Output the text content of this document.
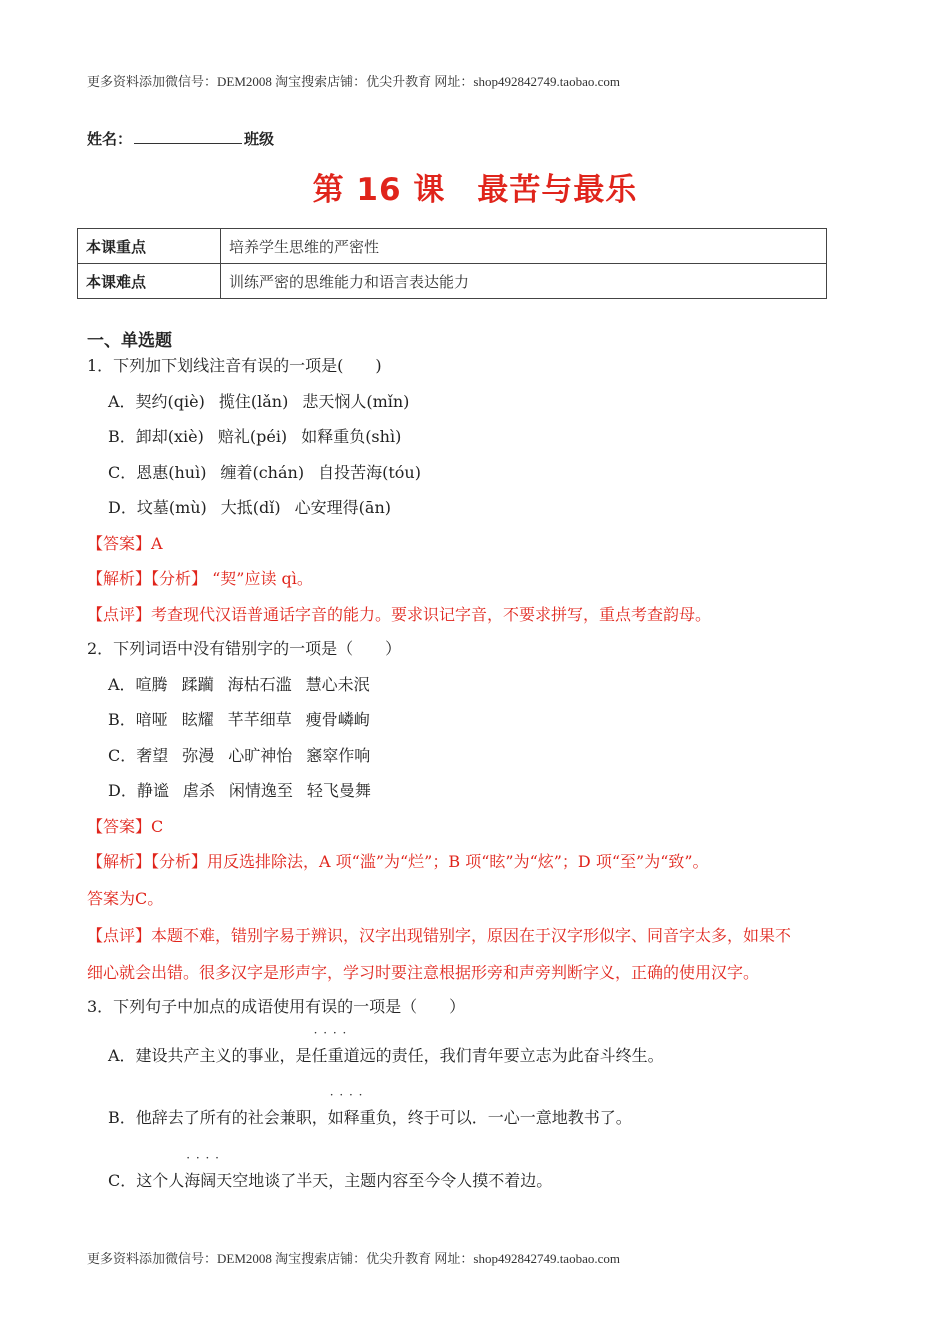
更多资料添加微信号：DEM2008 淘宝搜索店铺：优尖升教育 网址：shop492842749.taobao.com
姓名：	班级
第 16 课　最苦与最乐
本课重点	培养学生思维的严密性
本课难点	训练严密的思维能力和语言表达能力
一、单选题
1．下列加下划线注音有误的一项是(　　)
A．契约(qiè) 揽住(lǎn) 悲天悯人(mǐn)
B．卸却(xiè) 赔礼(péi) 如释重负(shì)
C．恩惠(huì) 缠着(chán) 自投苦海(tóu)
D．坟墓(mù) 大抵(dǐ) 心安理得(ān)
【答案】A
【解析】【分析】 “契”应读 qì。
【点评】考查现代汉语普通话字音的能力。要求识记字音，不要求拼写，重点考查韵母。
2．下列词语中没有错别字的一项是（　　）
A．喧腾 蹂躏 海枯石滥 慧心未泯
B．喑哑 眩耀 芊芊细草 瘦骨嶙峋
C．奢望 弥漫 心旷神怡 窸窣作响
D．静谧 虐杀 闲情逸至 轻飞曼舞
【答案】C
【解析】【分析】用反选排除法，A 项“滥”为“烂”；B 项“眩”为“炫”；D 项“至”为“致”。
答案为C。
【点评】本题不难，错别字易于辨识，汉字出现错别字，原因在于汉字形似字、同音字太多，如果不
细心就会出错。很多汉字是形声字，学习时要注意根据形旁和声旁判断字义，正确的使用汉字。
3．下列句子中加点的成语使用有误的一项是（　　）
A．建设共产主义的事业，是· · · · 任重道远的责任，我们青年要立志为此奋斗终生。
B．他辞去了所有的社会兼职，· · · · 如释重负，终于可以．一心一意地教书了。
C．这个人· · · · 海阔天空地谈了半天，主题内容至今令人摸不着边。
更多资料添加微信号：DEM2008 淘宝搜索店铺：优尖升教育 网址：shop492842749.taobao.com
